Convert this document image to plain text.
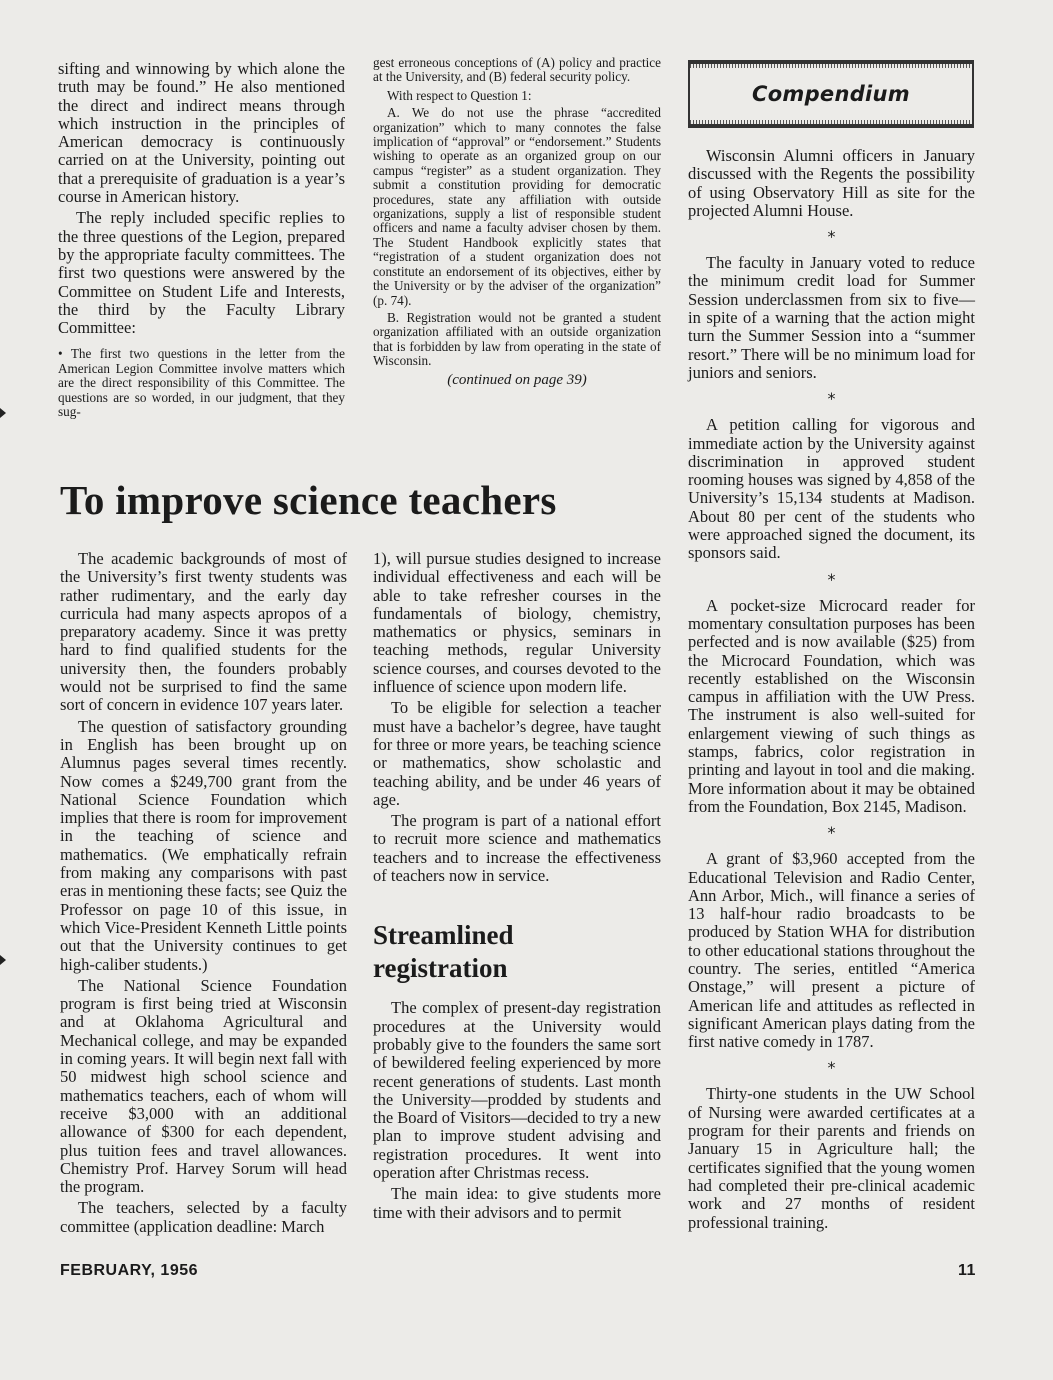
sifting and winnowing by which alone the truth may be found.” He also mentioned the direct and indirect means through which instruction in the principles of American democracy is continuously carried on at the University, pointing out that a prerequisite of graduation is a year’s course in American history.

The reply included specific replies to the three questions of the Legion, prepared by the appropriate faculty committees. The first two questions were answered by the Committee on Student Life and Interests, the third by the Faculty Library Committee:

• The first two questions in the letter from the American Legion Committee involve matters which are the direct responsibility of this Committee. The questions are so worded, in our judgment, that they sug-

gest erroneous conceptions of (A) policy and practice at the University, and (B) federal security policy.

With respect to Question 1:

A. We do not use the phrase “accredited organization” which to many connotes the false implication of “approval” or “endorsement.” Students wishing to operate as an organized group on our campus “register” as a student organization. They submit a constitution providing for democratic procedures, state any affiliation with outside organizations, supply a list of responsible student officers and name a faculty adviser chosen by them. The Student Handbook explicitly states that “registration of a student organization does not constitute an endorsement of its objectives, either by the University or by the adviser of the organization” (p. 74).

B. Registration would not be granted a student organization affiliated with an outside organization that is forbidden by law from operating in the state of Wisconsin.

(continued on page 39)
To improve science teachers

The academic backgrounds of most of the University’s first twenty students was rather rudimentary, and the early day curricula had many aspects apropos of a preparatory academy. Since it was pretty hard to find qualified students for the university then, the founders probably would not be surprised to find the same sort of concern in evidence 107 years later.

The question of satisfactory grounding in English has been brought up on Alumnus pages several times recently. Now comes a $249,700 grant from the National Science Foundation which implies that there is room for improvement in the teaching of science and mathematics. (We emphatically refrain from making any comparisons with past eras in mentioning these facts; see Quiz the Professor on page 10 of this issue, in which Vice-President Kenneth Little points out that the University continues to get high-caliber students.)

The National Science Foundation program is first being tried at Wisconsin and at Oklahoma Agricultural and Mechanical college, and may be expanded in coming years. It will begin next fall with 50 midwest high school science and mathematics teachers, each of whom will receive $3,000 with an additional allowance of $300 for each dependent, plus tuition fees and travel allowances. Chemistry Prof. Harvey Sorum will head the program.

The teachers, selected by a faculty committee (application deadline: March

1), will pursue studies designed to increase individual effectiveness and each will be able to take refresher courses in the fundamentals of biology, chemistry, mathematics or physics, seminars in teaching methods, regular University science courses, and courses devoted to the influence of science upon modern life.

To be eligible for selection a teacher must have a bachelor’s degree, have taught for three or more years, be teaching science or mathematics, show scholastic and teaching ability, and be under 46 years of age.

The program is part of a national effort to recruit more science and mathematics teachers and to increase the effectiveness of teachers now in service.

Streamlined registration

The complex of present-day registration procedures at the University would probably give to the founders the same sort of bewildered feeling experienced by more recent generations of students. Last month the University—prodded by students and the Board of Visitors—decided to try a new plan to improve student advising and registration procedures. It went into operation after Christmas recess.

The main idea: to give students more time with their advisors and to permit

Compendium

Wisconsin Alumni officers in January discussed with the Regents the possibility of using Observatory Hill as site for the projected Alumni House.

*

The faculty in January voted to reduce the minimum credit load for Summer Session underclassmen from six to five—in spite of a warning that the action might turn the Summer Session into a “summer resort.” There will be no minimum load for juniors and seniors.

*

A petition calling for vigorous and immediate action by the University against discrimination in approved student rooming houses was signed by 4,858 of the University’s 15,134 students at Madison. About 80 per cent of the students who were approached signed the document, its sponsors said.

*

A pocket-size Microcard reader for momentary consultation purposes has been perfected and is now available ($25) from the Microcard Foundation, which was recently established on the Wisconsin campus in affiliation with the UW Press. The instrument is also well-suited for enlargement viewing of such things as stamps, fabrics, color registration in printing and layout in tool and die making. More information about it may be obtained from the Foundation, Box 2145, Madison.

*

A grant of $3,960 accepted from the Educational Television and Radio Center, Ann Arbor, Mich., will finance a series of 13 half-hour radio broadcasts to be produced by Station WHA for distribution to other educational stations throughout the country. The series, entitled “America Onstage,” will present a picture of American life and attitudes as reflected in significant American plays dating from the first native comedy in 1787.

*

Thirty-one students in the UW School of Nursing were awarded certificates at a program for their parents and friends on January 15 in Agriculture hall; the certificates signified that the young women had completed their pre-clinical academic work and 27 months of resident professional training.

FEBRUARY, 1956	11
